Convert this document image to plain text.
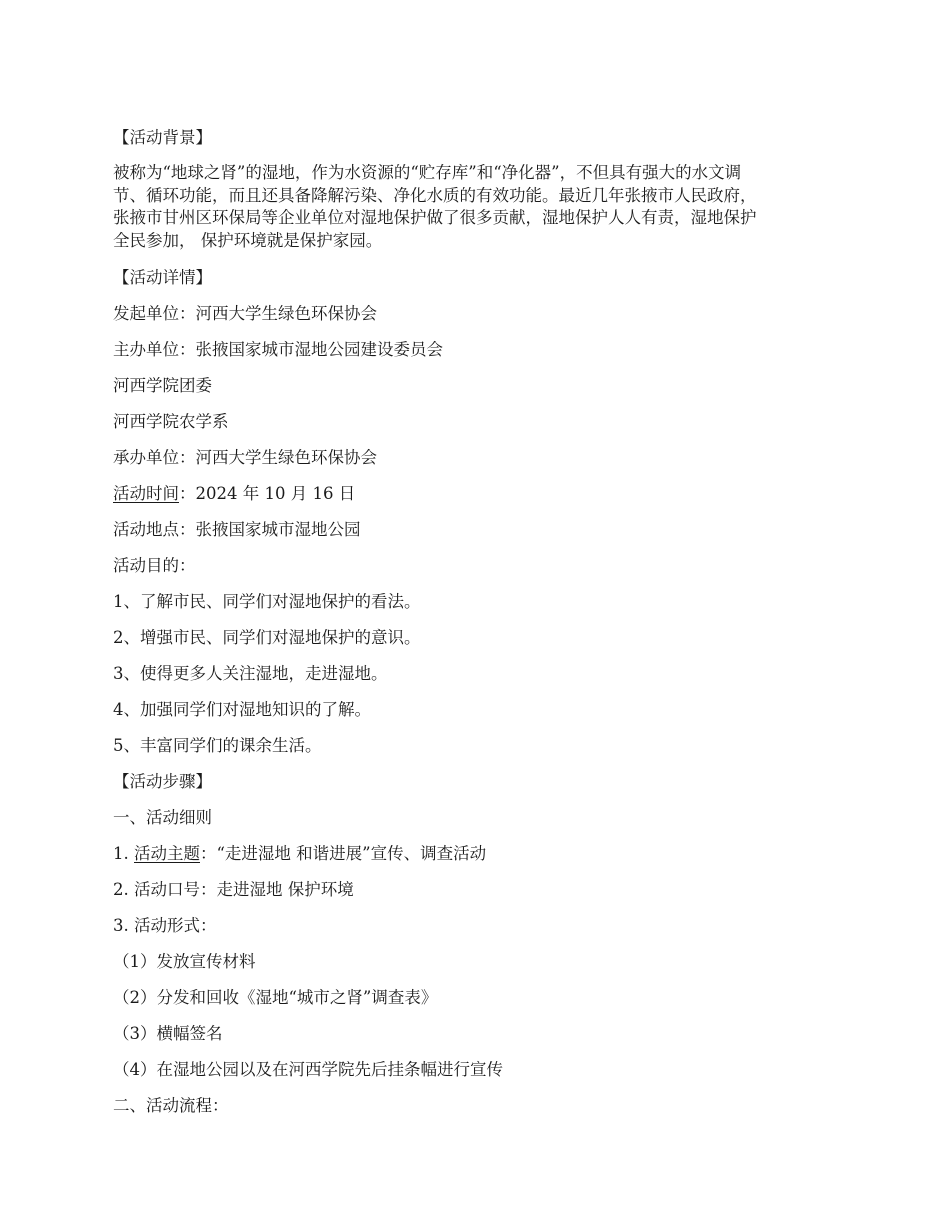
【活动背景】

被称为“地球之肾”的湿地，作为水资源的“贮存库”和“净化器”，不但具有强大的水文调
节、循环功能，而且还具备降解污染、净化水质的有效功能。最近几年张掖市人民政府，
张掖市甘州区环保局等企业单位对湿地保护做了很多贡献，湿地保护人人有责，湿地保护
全民参加， 保护环境就是保护家园。

【活动详情】

发起单位：河西大学生绿色环保协会

主办单位：张掖国家城市湿地公园建设委员会

河西学院团委

河西学院农学系

承办单位：河西大学生绿色环保协会

活动时间：2024 年 10 月 16 日

活动地点：张掖国家城市湿地公园

活动目的：

1、了解市民、同学们对湿地保护的看法。

2、增强市民、同学们对湿地保护的意识。

3、使得更多人关注湿地，走进湿地。

4、加强同学们对湿地知识的了解。

5、丰富同学们的课余生活。

【活动步骤】

一、活动细则

1. 活动主题：“走进湿地 和谐进展”宣传、调查活动

2. 活动口号：走进湿地 保护环境

3. 活动形式：

（1）发放宣传材料

（2）分发和回收《湿地“城市之肾”调查表》

（3）横幅签名

（4）在湿地公园以及在河西学院先后挂条幅进行宣传

二、活动流程：
